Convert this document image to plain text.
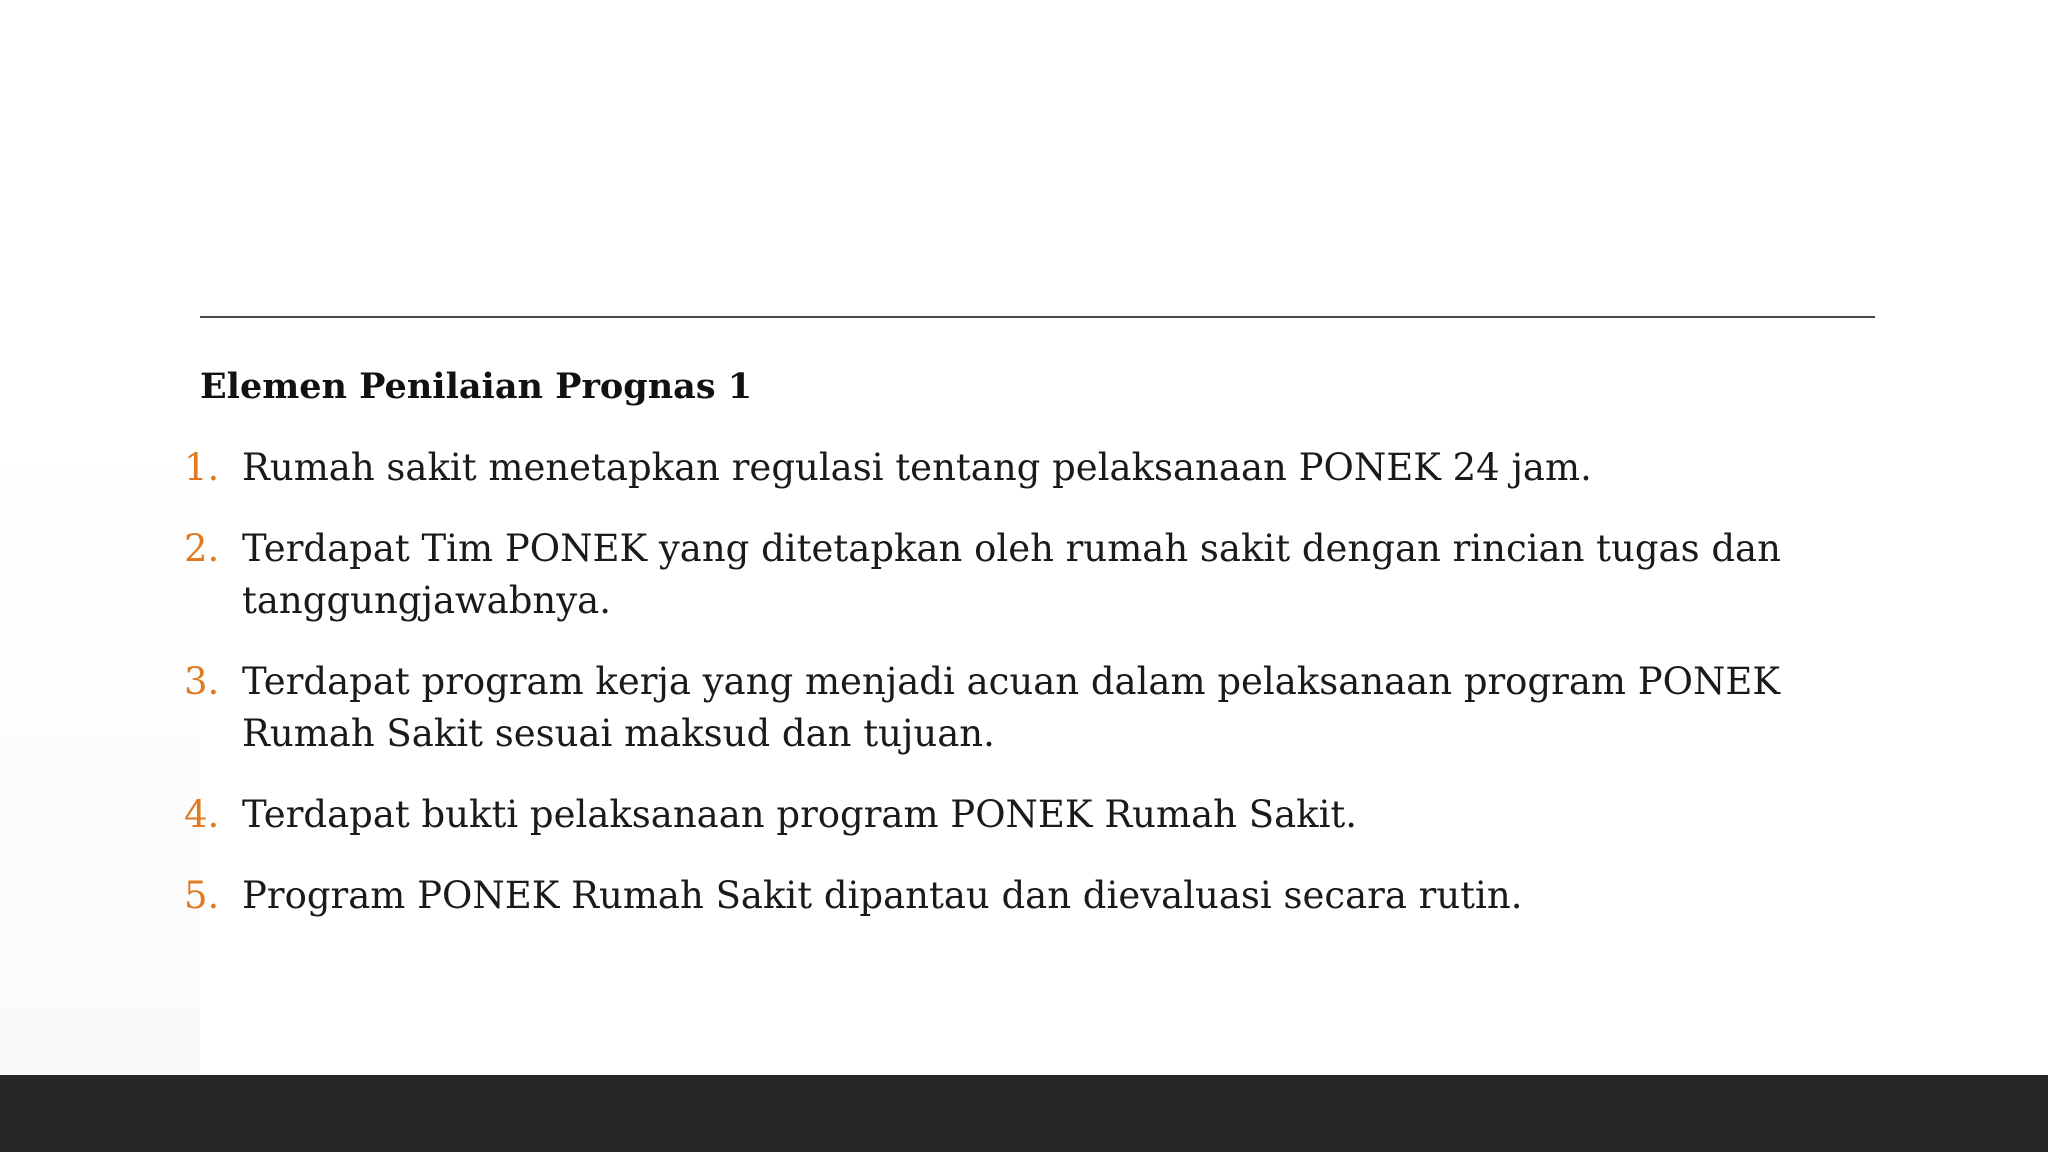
Elemen Penilaian Prognas 1
1. Rumah sakit menetapkan regulasi tentang pelaksanaan PONEK 24 jam.
2. Terdapat Tim PONEK yang ditetapkan oleh rumah sakit dengan rincian tugas dan tanggungjawabnya.
3. Terdapat program kerja yang menjadi acuan dalam pelaksanaan program PONEK Rumah Sakit sesuai maksud dan tujuan.
4. Terdapat bukti pelaksanaan program PONEK Rumah Sakit.
5. Program PONEK Rumah Sakit dipantau dan dievaluasi secara rutin.
